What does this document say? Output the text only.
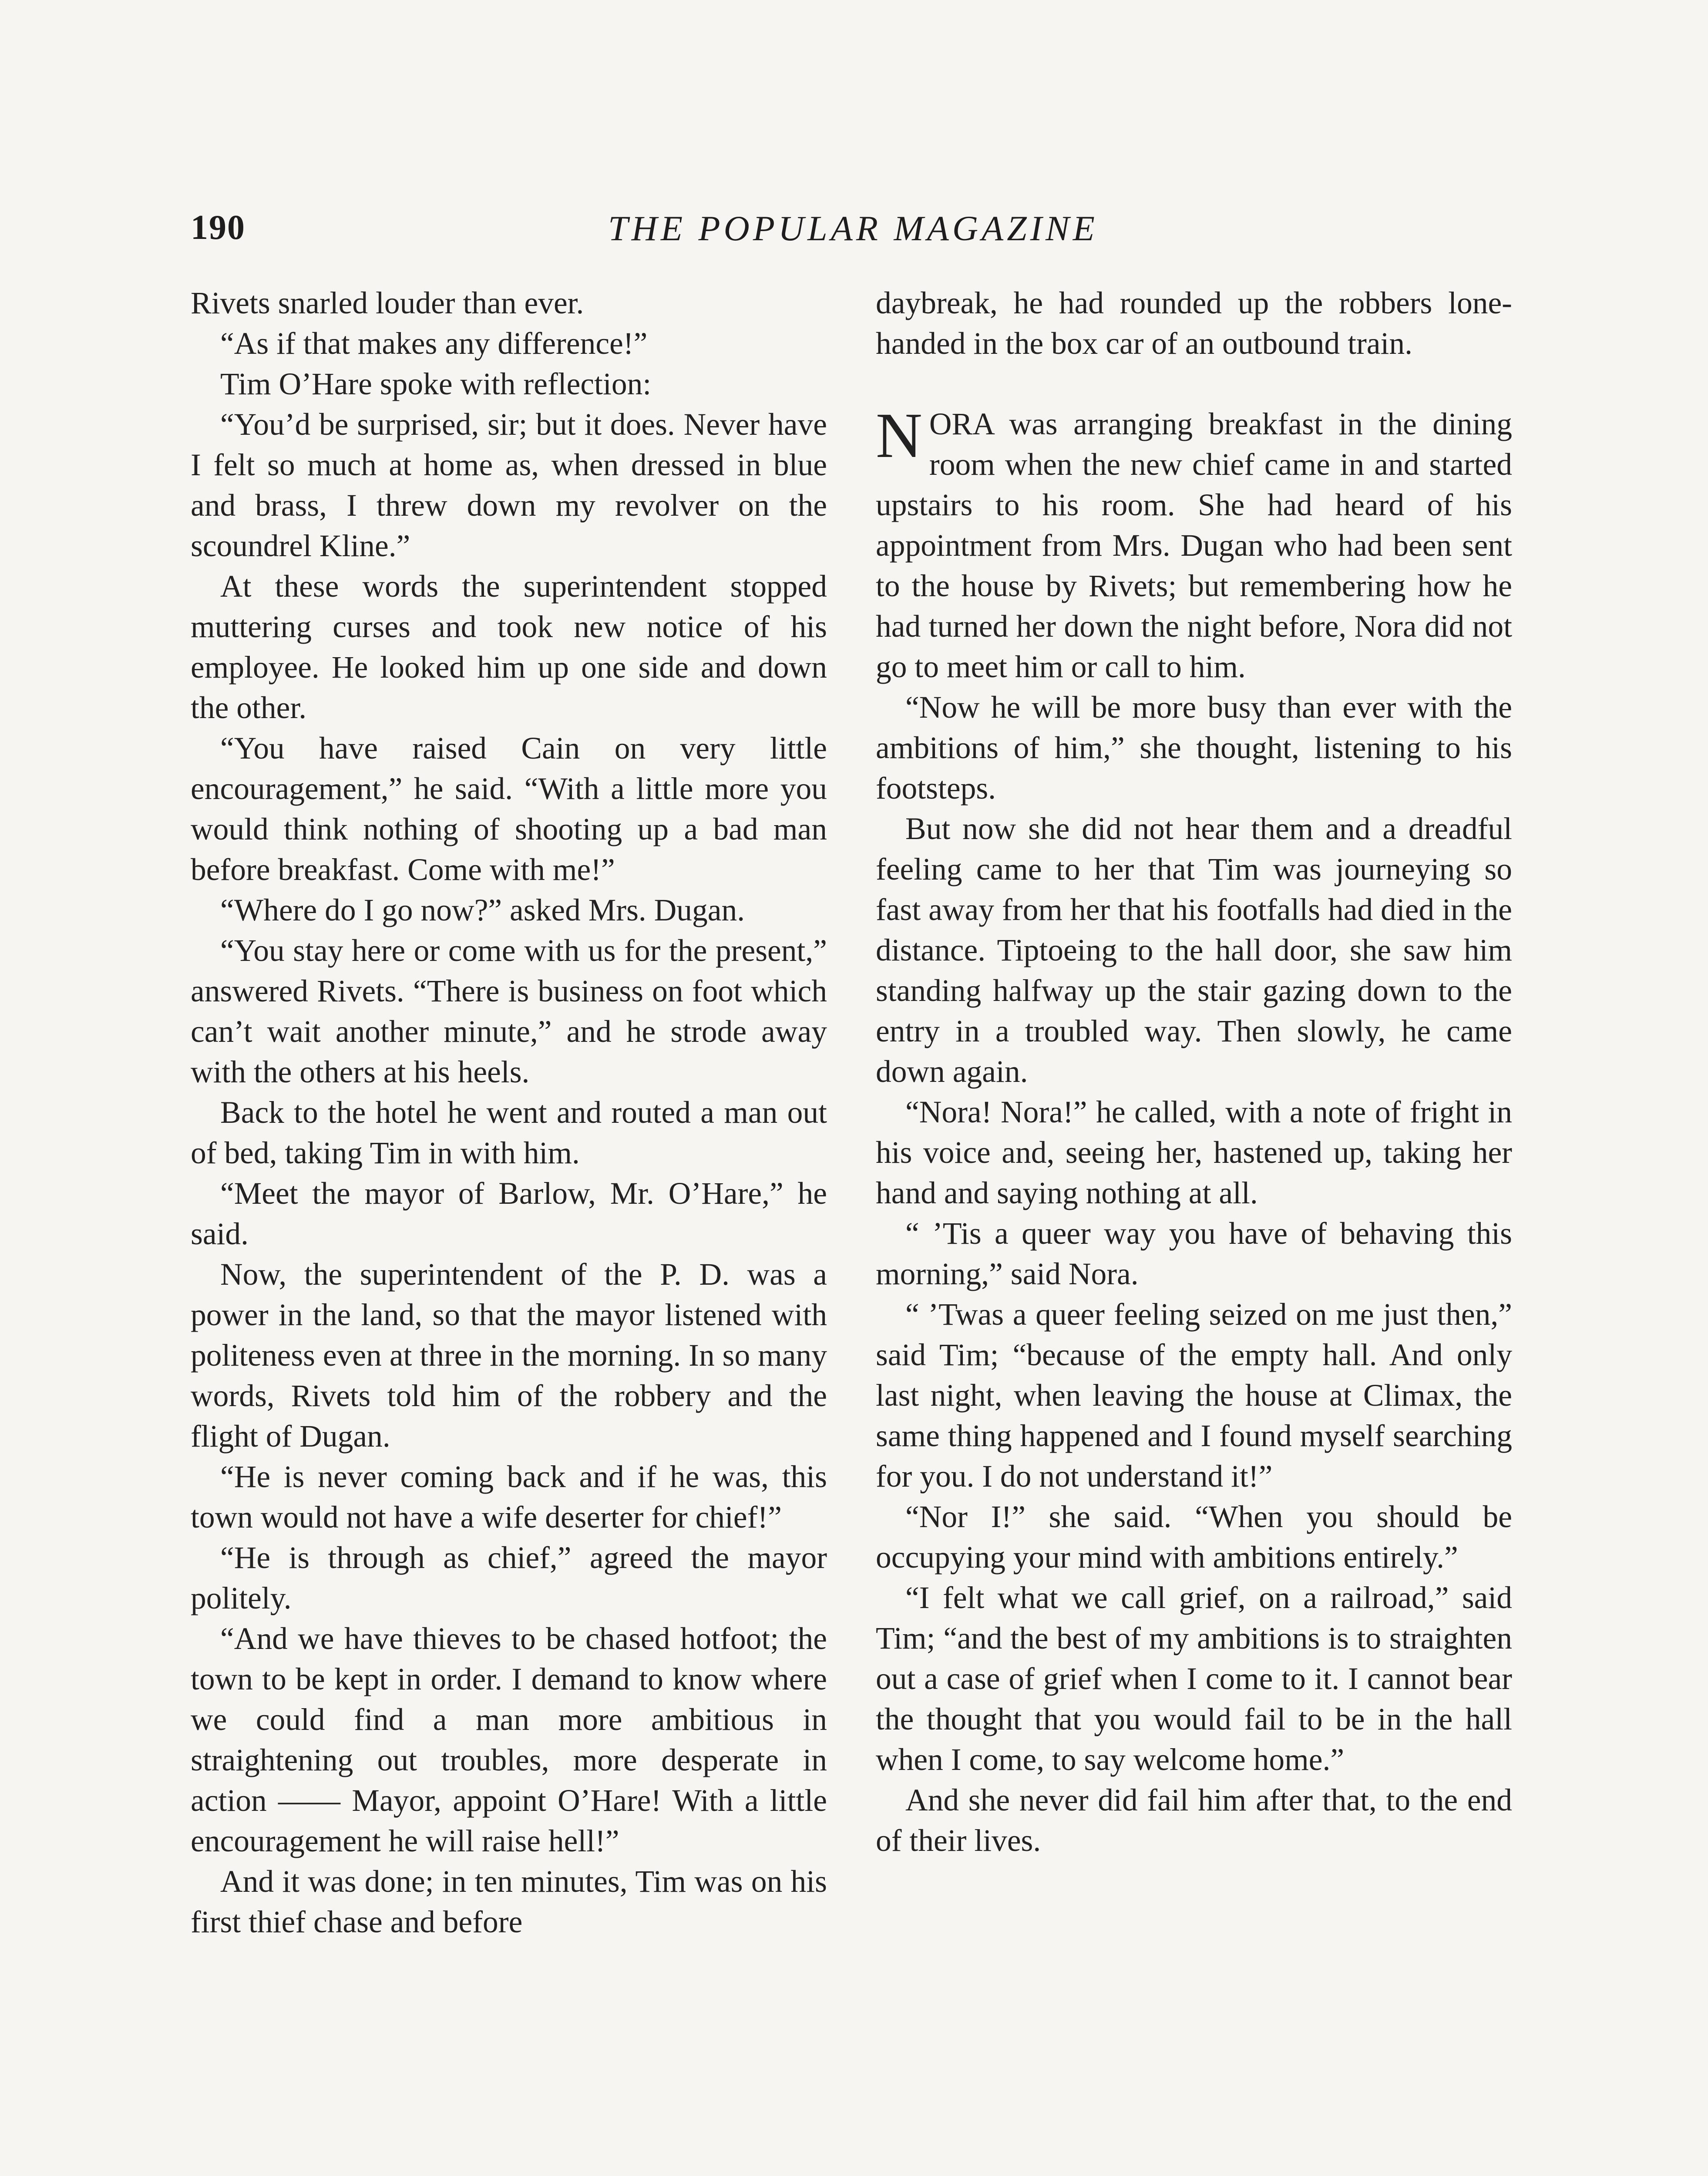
THE POPULAR MAGAZINE
190

Rivets snarled louder than ever.

“As if that makes any difference!”

Tim O’Hare spoke with reflection:

“You’d be surprised, sir; but it does. Never have I felt so much at home as, when dressed in blue and brass, I threw down my revolver on the scoundrel Kline.”

At these words the superintendent stopped muttering curses and took new notice of his employee. He looked him up one side and down the other.

“You have raised Cain on very little encouragement,” he said. “With a little more you would think nothing of shooting up a bad man before breakfast. Come with me!”

“Where do I go now?” asked Mrs. Dugan.

“You stay here or come with us for the present,” answered Rivets. “There is business on foot which can’t wait another minute,” and he strode away with the others at his heels.

Back to the hotel he went and routed a man out of bed, taking Tim in with him.

“Meet the mayor of Barlow, Mr. O’Hare,” he said.

Now, the superintendent of the P. D. was a power in the land, so that the mayor listened with politeness even at three in the morning. In so many words, Rivets told him of the robbery and the flight of Dugan.

“He is never coming back and if he was, this town would not have a wife deserter for chief!”

“He is through as chief,” agreed the mayor politely.

“And we have thieves to be chased hotfoot; the town to be kept in order. I demand to know where we could find a man more ambitious in straightening out troubles, more desperate in action —— Mayor, appoint O’Hare! With a little encouragement he will raise hell!”

And it was done; in ten minutes, Tim was on his first thief chase and before

daybreak, he had rounded up the robbers lone-handed in the box car of an outbound train.

NORA was arranging breakfast in the dining room when the new chief came in and started upstairs to his room. She had heard of his appointment from Mrs. Dugan who had been sent to the house by Rivets; but remembering how he had turned her down the night before, Nora did not go to meet him or call to him.

“Now he will be more busy than ever with the ambitions of him,” she thought, listening to his footsteps.

But now she did not hear them and a dreadful feeling came to her that Tim was journeying so fast away from her that his footfalls had died in the distance. Tiptoeing to the hall door, she saw him standing halfway up the stair gazing down to the entry in a troubled way. Then slowly, he came down again.

“Nora! Nora!” he called, with a note of fright in his voice and, seeing her, hastened up, taking her hand and saying nothing at all.

“ ’Tis a queer way you have of behaving this morning,” said Nora.

“ ’Twas a queer feeling seized on me just then,” said Tim; “because of the empty hall. And only last night, when leaving the house at Climax, the same thing happened and I found myself searching for you. I do not understand it!”

“Nor I!” she said. “When you should be occupying your mind with ambitions entirely.”

“I felt what we call grief, on a railroad,” said Tim; “and the best of my ambitions is to straighten out a case of grief when I come to it. I cannot bear the thought that you would fail to be in the hall when I come, to say welcome home.”

And she never did fail him after that, to the end of their lives.
